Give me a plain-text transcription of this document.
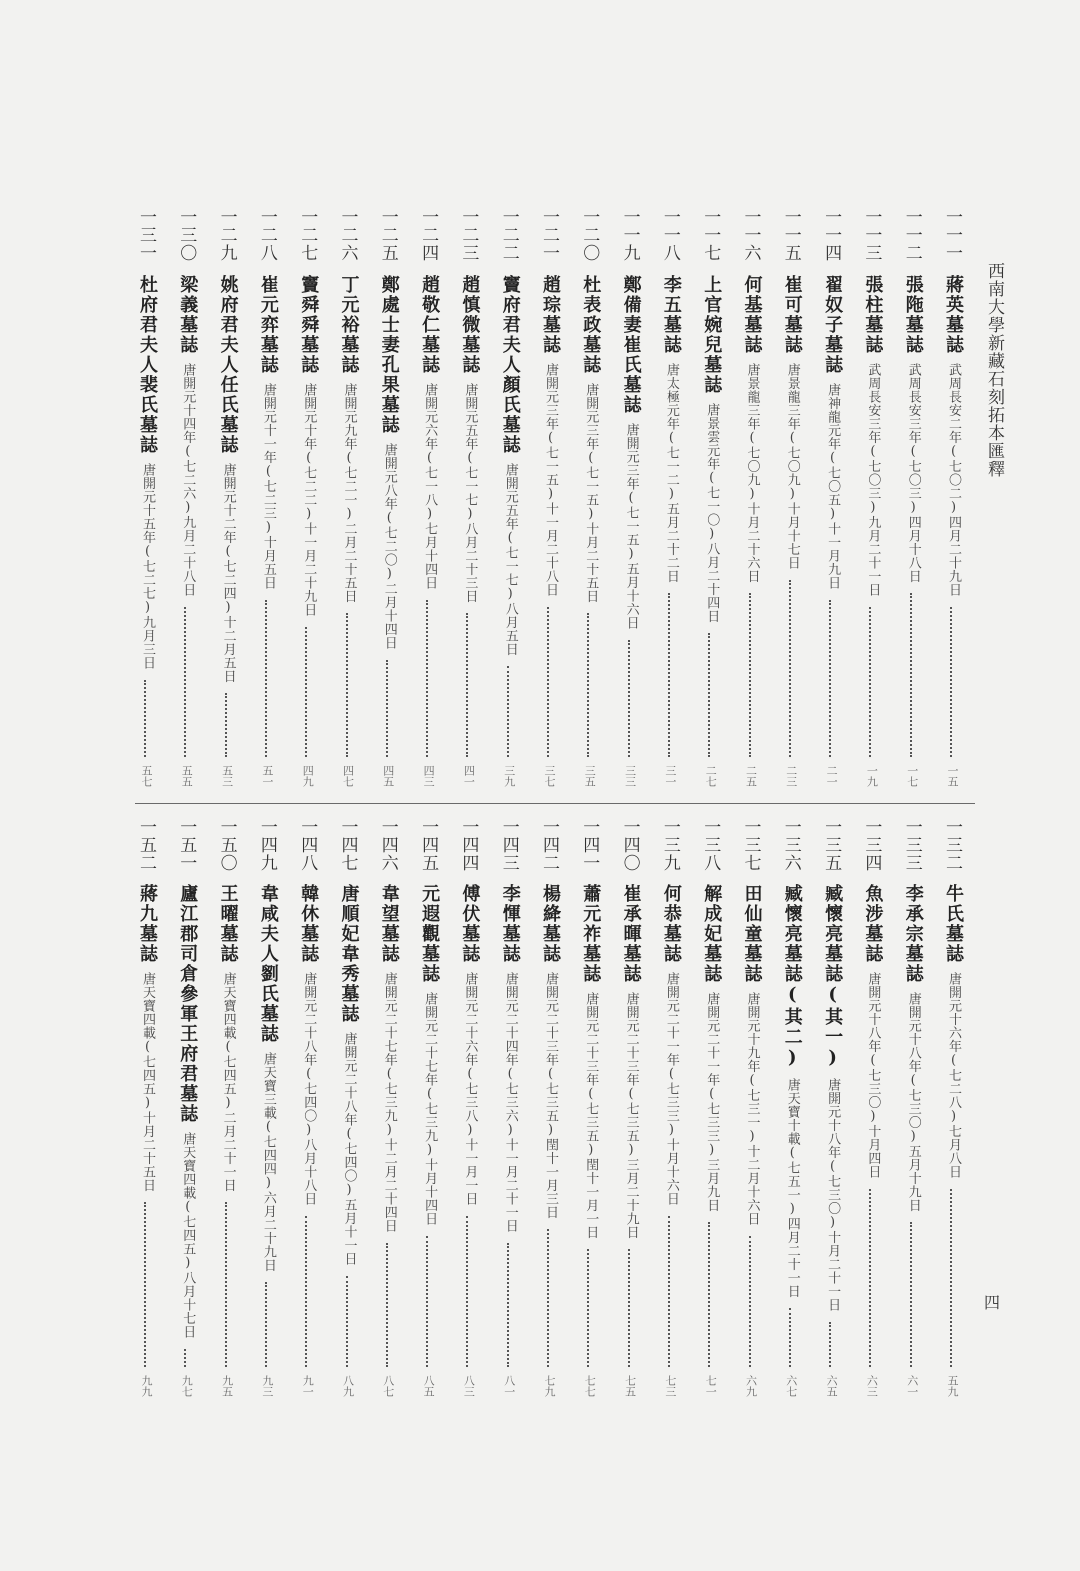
西南大學新藏石刻拓本匯釋
一一一
蔣英墓誌武周長安二年(七〇二)四月二十九日
一五
一一二
張陁墓誌武周長安三年(七〇三)四月十八日
一七
一一三
張柱墓誌武周長安三年(七〇三)九月二十一日
一九
一一四
翟奴子墓誌唐神龍元年(七〇五)十一月九日
二一
一一五
崔可墓誌唐景龍三年(七〇九)十月十七日
二三
一一六
何基墓誌唐景龍三年(七〇九)十月二十六日
二五
一一七
上官婉兒墓誌唐景雲元年(七一〇)八月二十四日
二七
一一八
李五墓誌唐太極元年(七一二)五月二十二日
三一
一一九
鄭備妻崔氏墓誌唐開元三年(七一五)五月十六日
三三
一二〇
杜表政墓誌唐開元三年(七一五)十月二十五日
三五
一二一
趙琮墓誌唐開元三年(七一五)十一月二十八日
三七
一二二
竇府君夫人顏氏墓誌唐開元五年(七一七)八月五日
三九
一二三
趙慎微墓誌唐開元五年(七一七)八月二十三日
四一
一二四
趙敬仁墓誌唐開元六年(七一八)七月十四日
四三
一二五
鄭處士妻孔果墓誌唐開元八年(七二〇)二月十四日
四五
一二六
丁元裕墓誌唐開元九年(七二一)二月二十五日
四七
一二七
竇舜舜墓誌唐開元十年(七二二)十一月二十九日
四九
一二八
崔元弈墓誌唐開元十一年(七二三)十月五日
五一
一二九
姚府君夫人任氏墓誌唐開元十二年(七二四)十二月五日
五三
一三〇
梁義墓誌唐開元十四年(七二六)九月二十八日
五五
一三一
杜府君夫人裴氏墓誌唐開元十五年(七二七)九月三日
五七
一三二
牛氏墓誌唐開元十六年(七二八)七月八日
五九
一三三
李承宗墓誌唐開元十八年(七三〇)五月十九日
六一
一三四
魚涉墓誌唐開元十八年(七三〇)十月四日
六三
一三五
臧懷亮墓誌(其一)唐開元十八年(七三〇)十月二十一日
六五
一三六
臧懷亮墓誌(其二)唐天寶十載(七五一)四月二十一日
六七
一三七
田仙童墓誌唐開元十九年(七三一)十二月十六日
六九
一三八
解成妃墓誌唐開元二十一年(七三三)三月九日
七一
一三九
何恭墓誌唐開元二十一年(七三三)十月十六日
七三
一四〇
崔承暉墓誌唐開元二十三年(七三五)三月二十九日
七五
一四一
蕭元祚墓誌唐開元二十三年(七三五)閏十一月一日
七七
一四二
楊絳墓誌唐開元二十三年(七三五)閏十一月三日
七九
一四三
李惲墓誌唐開元二十四年(七三六)十一月二十一日
八一
一四四
傅伏墓誌唐開元二十六年(七三八)十一月一日
八三
一四五
元遐觀墓誌唐開元二十七年(七三九)十月十四日
八五
一四六
韋望墓誌唐開元二十七年(七三九)十二月二十四日
八七
一四七
唐順妃韋秀墓誌唐開元二十八年(七四〇)五月十一日
八九
一四八
韓休墓誌唐開元二十八年(七四〇)八月十八日
九一
一四九
韋咸夫人劉氏墓誌唐天寶三載(七四四)六月二十九日
九三
一五〇
王曜墓誌唐天寶四載(七四五)二月二十一日
九五
一五一
廬江郡司倉參軍王府君墓誌唐天寶四載(七四五)八月十七日
九七
一五二
蔣九墓誌唐天寶四載(七四五)十月二十五日
九九
四
